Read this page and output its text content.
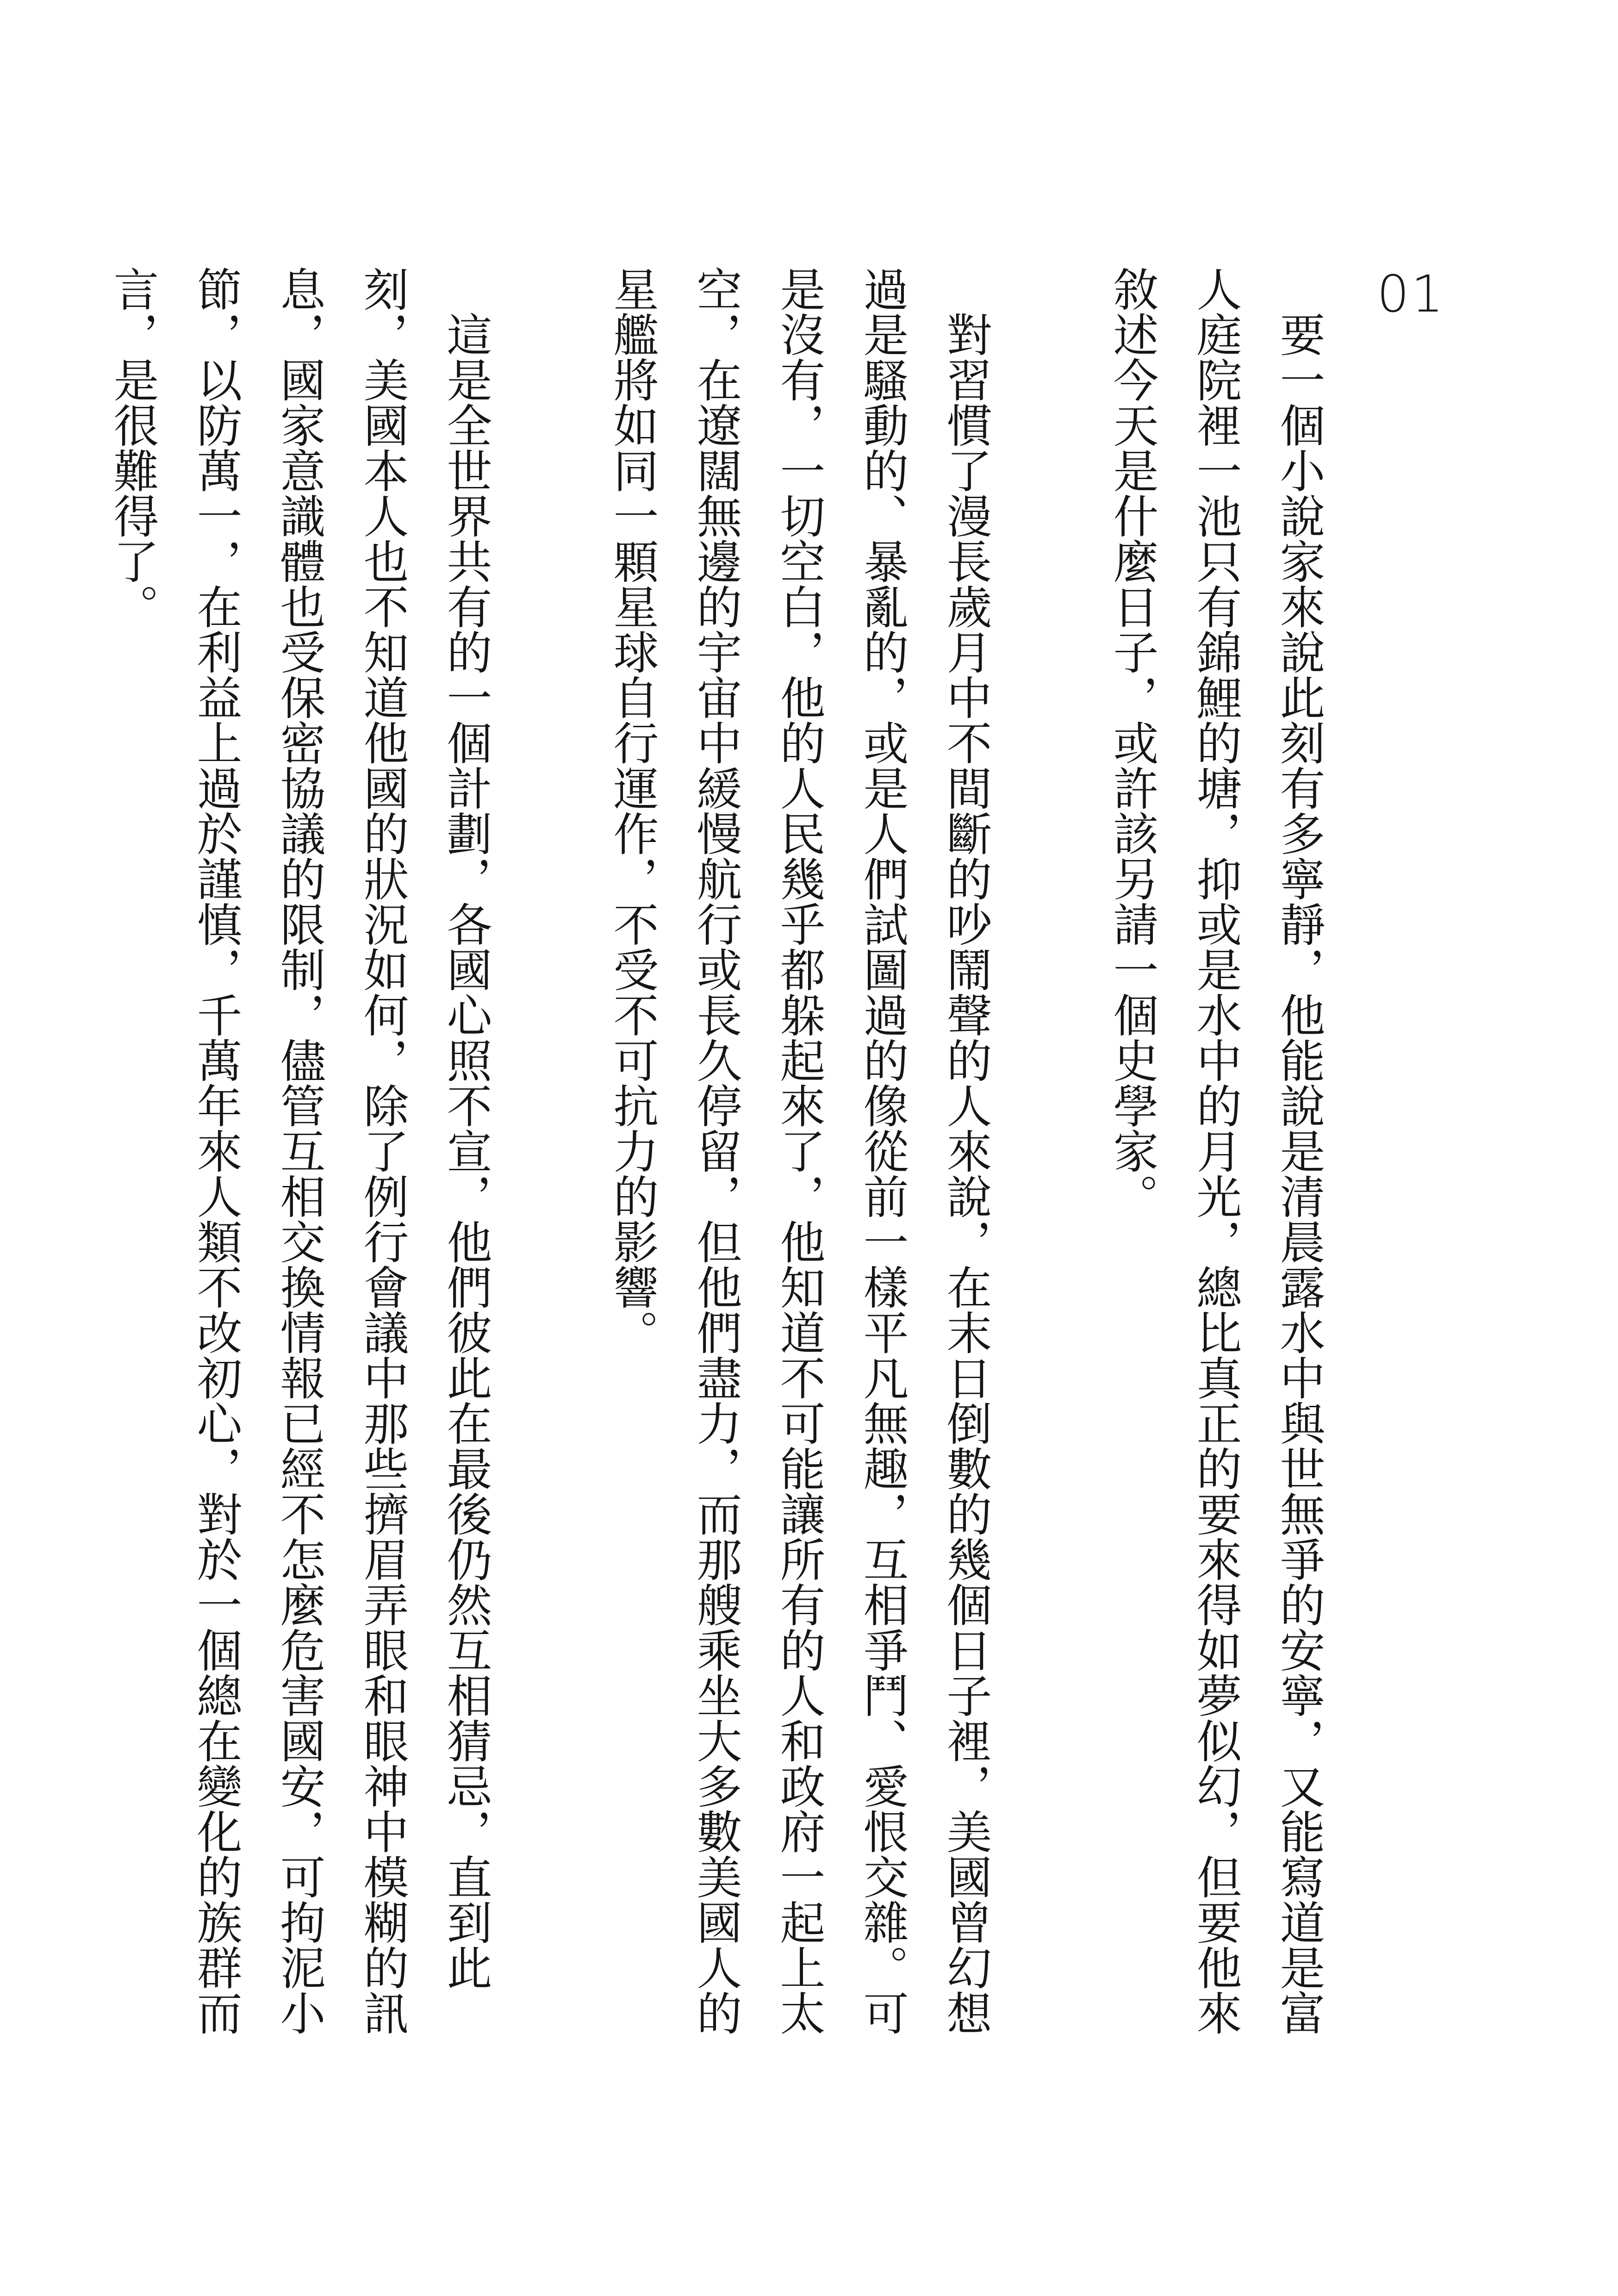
01

要一個小說家來說此刻有多寧靜，他能說是清晨露水中與世無爭的安寧，又能寫道是富人庭院裡一池只有錦鯉的塘，抑或是水中的月光，總比真正的要來得如夢似幻，但要他來敘述今天是什麼日子，或許該另請一個史學家。

對習慣了漫長歲月中不間斷的吵鬧聲的人來說，在末日倒數的幾個日子裡，美國曾幻想過是騷動的、暴亂的，或是人們試圖過的像從前一樣平凡無趣，互相爭鬥、愛恨交雜。可是沒有，一切空白，他的人民幾乎都躲起來了，他知道不可能讓所有的人和政府一起上太空，在遼闊無邊的宇宙中緩慢航行或長久停留，但他們盡力，而那艘乘坐大多數美國人的星艦將如同一顆星球自行運作，不受不可抗力的影響。

這是全世界共有的一個計劃，各國心照不宣，他們彼此在最後仍然互相猜忌，直到此刻，美國本人也不知道他國的狀況如何，除了例行會議中那些擠眉弄眼和眼神中模糊的訊息，國家意識體也受保密協議的限制，儘管互相交換情報已經不怎麼危害國安，可拘泥小節，以防萬一，在利益上過於謹慎，千萬年來人類不改初心，對於一個總在變化的族群而言，是很難得了。
